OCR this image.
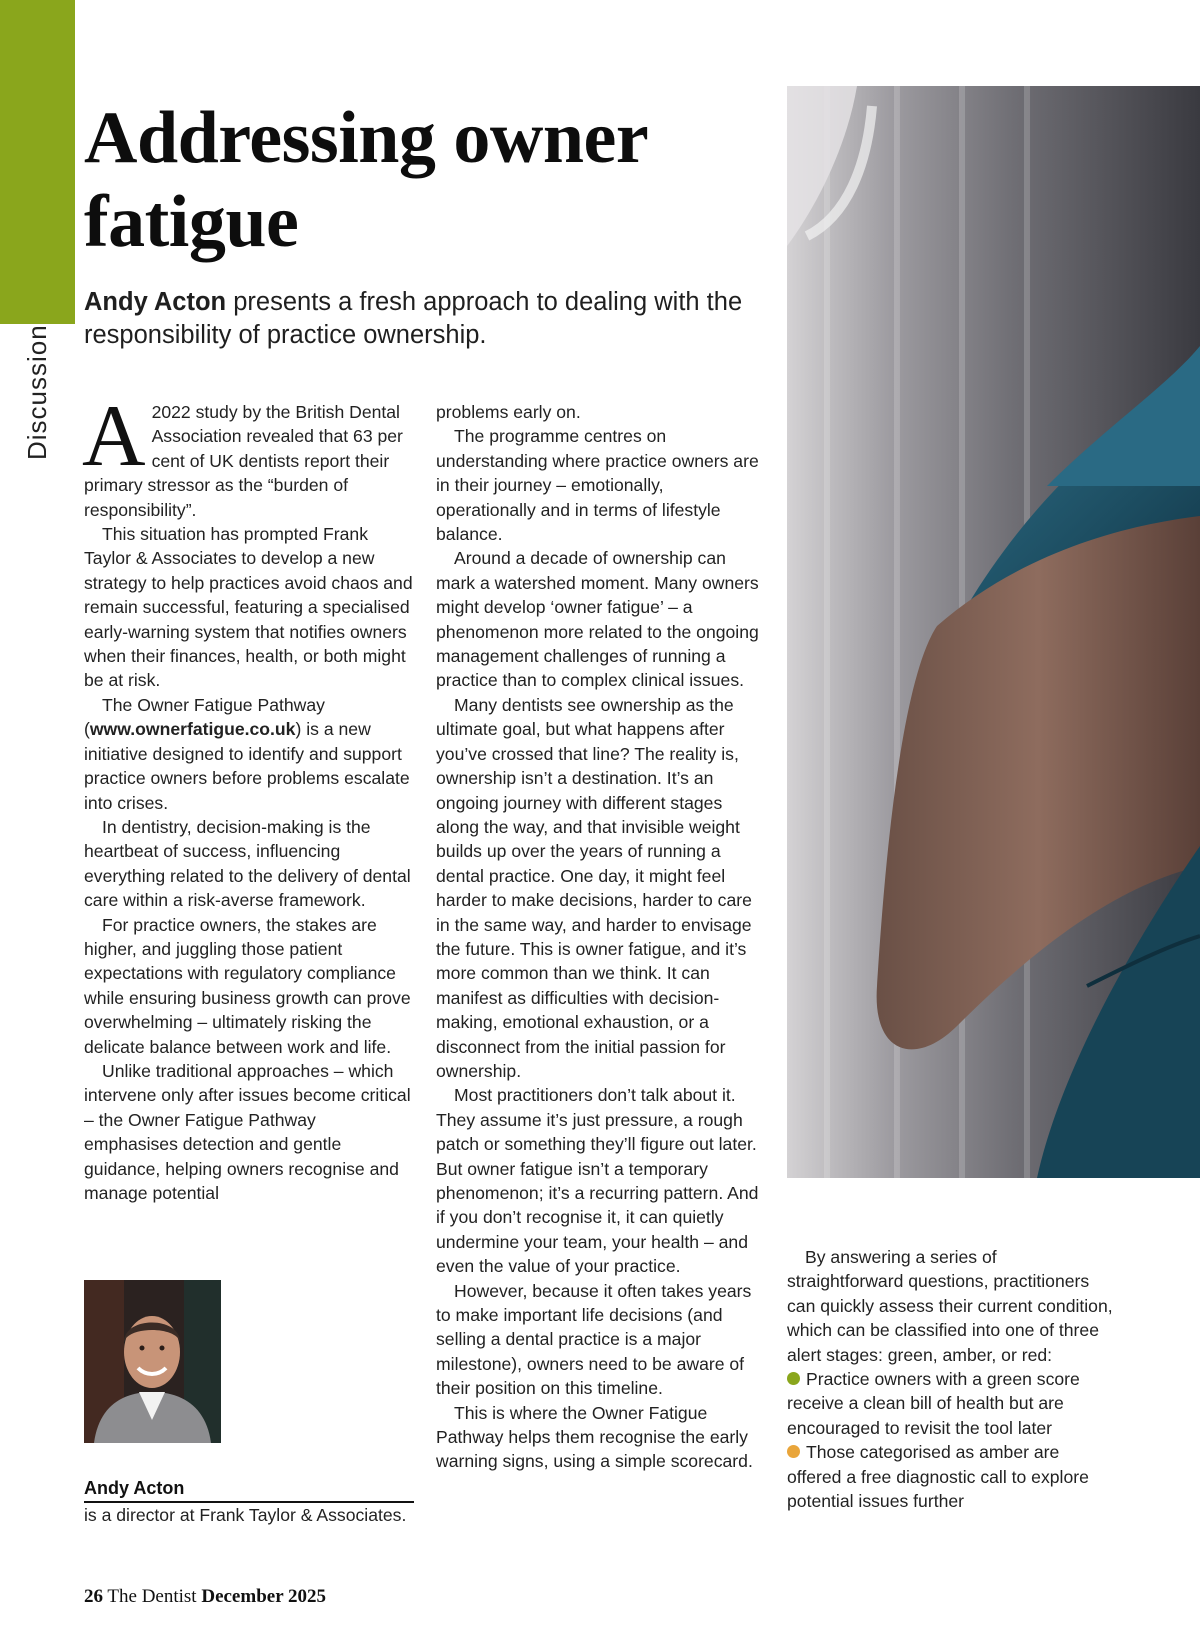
Discussion
Addressing owner fatigue
Andy Acton presents a fresh approach to dealing with the responsibility of practice ownership.

A 2022 study by the British Dental Association revealed that 63 per cent of UK dentists report their primary stressor as the “burden of responsibility”.

This situation has prompted Frank Taylor & Associates to develop a new strategy to help practices avoid chaos and remain successful, featuring a specialised early-warning system that notifies owners when their finances, health, or both might be at risk.

The Owner Fatigue Pathway (www.ownerfatigue.co.uk) is a new initiative designed to identify and support practice owners before problems escalate into crises.

In dentistry, decision-making is the heartbeat of success, influencing everything related to the delivery of dental care within a risk-averse framework.

For practice owners, the stakes are higher, and juggling those patient expectations with regulatory compliance while ensuring business growth can prove overwhelming – ultimately risking the delicate balance between work and life.

Unlike traditional approaches – which intervene only after issues become critical – the Owner Fatigue Pathway emphasises detection and gentle guidance, helping owners recognise and manage potential

problems early on.

The programme centres on understanding where practice owners are in their journey – emotionally, operationally and in terms of lifestyle balance.

Around a decade of ownership can mark a watershed moment. Many owners might develop ‘owner fatigue’ – a phenomenon more related to the ongoing management challenges of running a practice than to complex clinical issues.

Many dentists see ownership as the ultimate goal, but what happens after you’ve crossed that line? The reality is, ownership isn’t a destination. It’s an ongoing journey with different stages along the way, and that invisible weight builds up over the years of running a dental practice. One day, it might feel harder to make decisions, harder to care in the same way, and harder to envisage the future. This is owner fatigue, and it’s more common than we think. It can manifest as difficulties with decision-making, emotional exhaustion, or a disconnect from the initial passion for ownership.

Most practitioners don’t talk about it. They assume it’s just pressure, a rough patch or something they’ll figure out later. But owner fatigue isn’t a temporary phenomenon; it’s a recurring pattern. And if you don’t recognise it, it can quietly undermine your team, your health – and even the value of your practice.

However, because it often takes years to make important life decisions (and selling a dental practice is a major milestone), owners need to be aware of their position on this timeline.

This is where the Owner Fatigue Pathway helps them recognise the early warning signs, using a simple scorecard.

By answering a series of straightforward questions, practitioners can quickly assess their current condition, which can be classified into one of three alert stages: green, amber, or red:

Practice owners with a green score receive a clean bill of health but are encouraged to revisit the tool later

Those categorised as amber are offered a free diagnostic call to explore potential issues further

Andy Acton
is a director at Frank Taylor & Associates.
26 The Dentist December 2025
